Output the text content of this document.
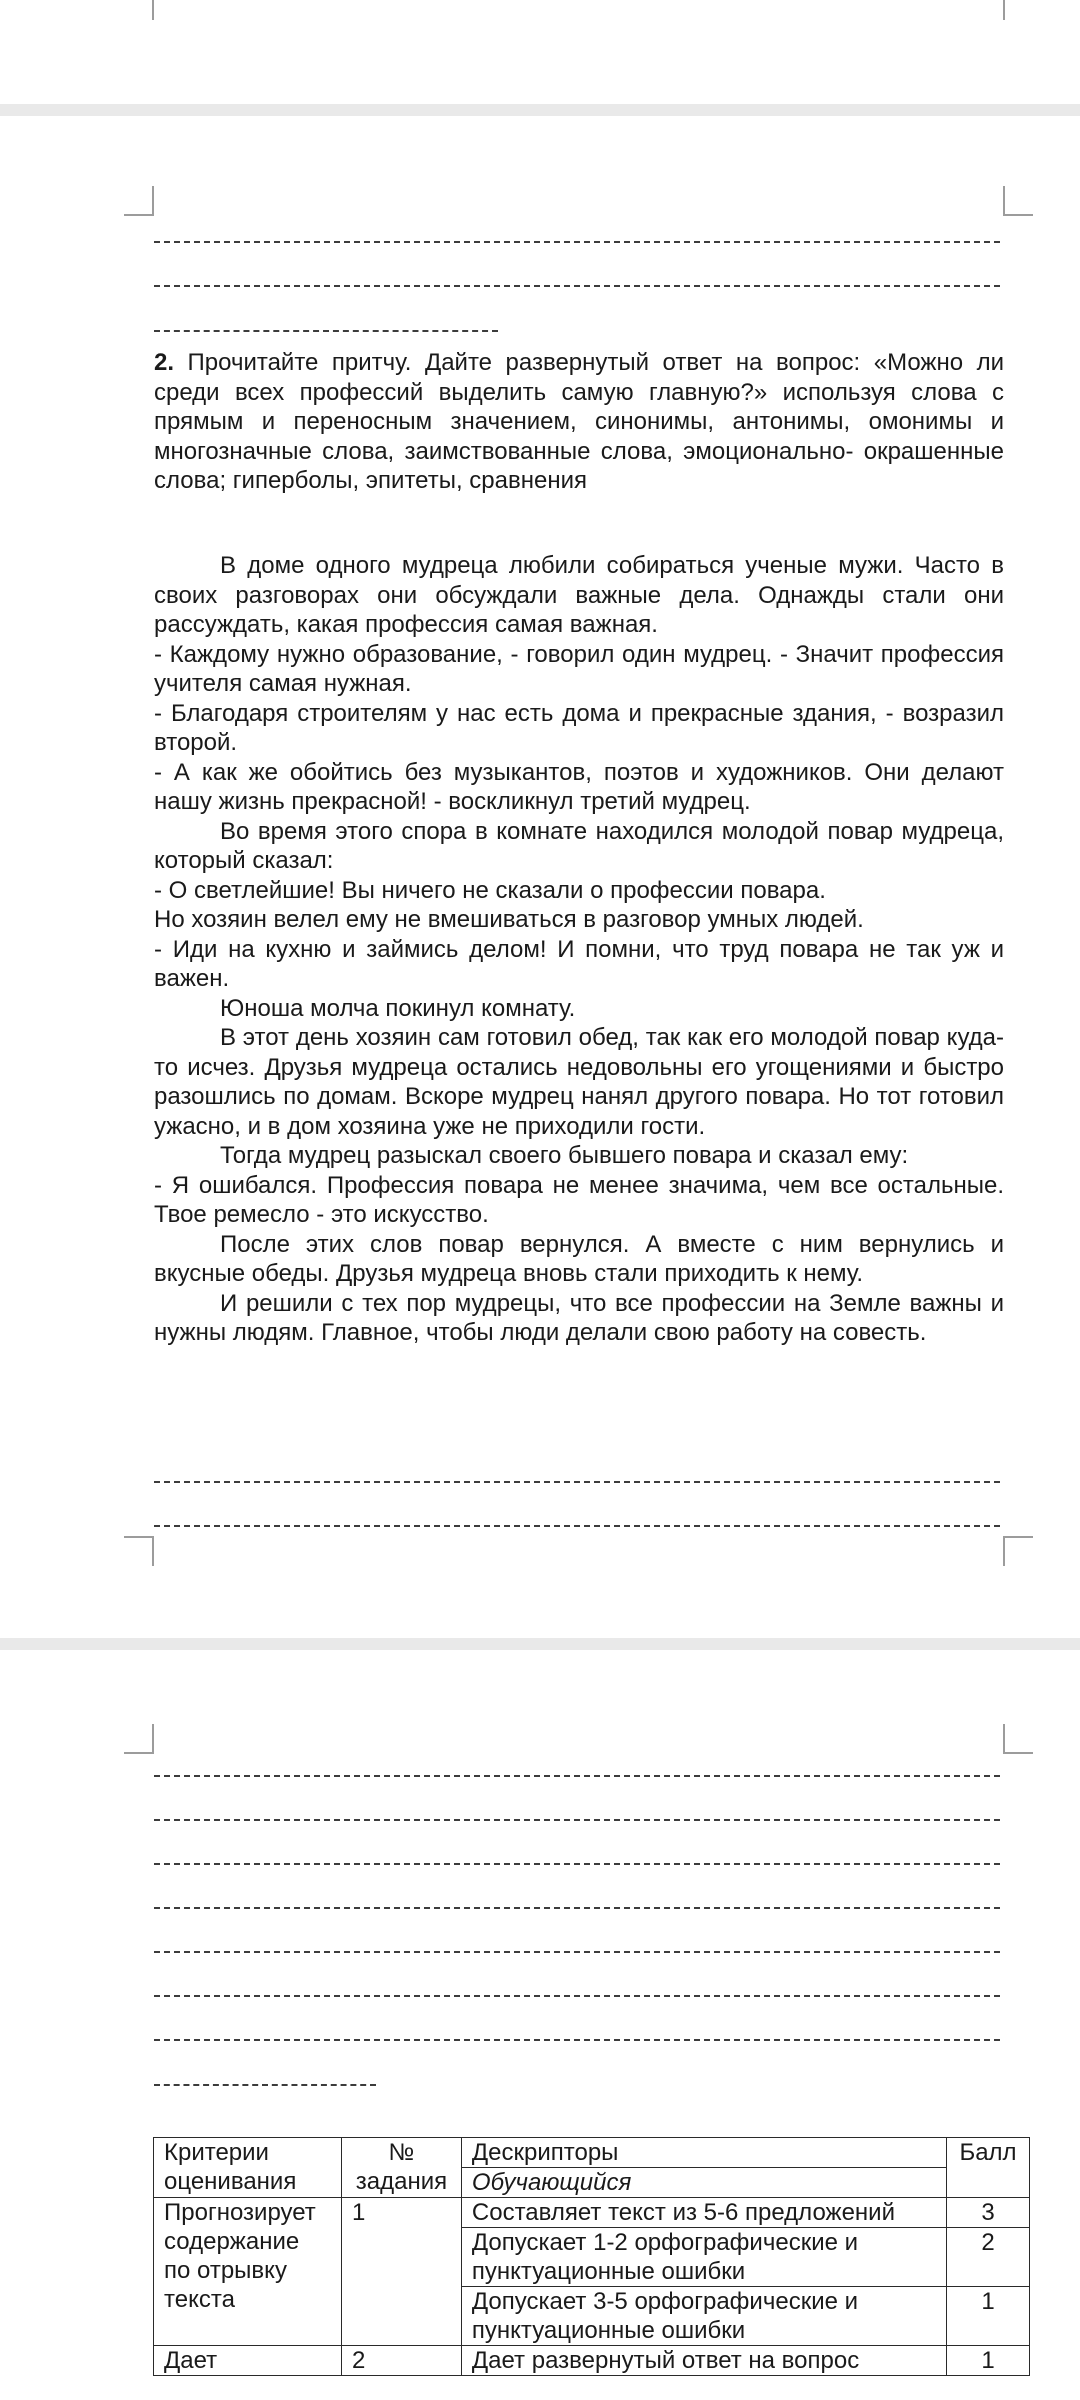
2. Прочитайте притчу. Дайте развернутый ответ на вопрос: «Можно ли среди всех профессий выделить самую главную?» используя слова с прямым и переносным значением, синонимы, антонимы, омонимы и многозначные слова, заимствованные слова, эмоционально- окрашенные слова; гиперболы, эпитеты, сравнения

В доме одного мудреца любили собираться ученые мужи. Часто в своих разговорах они обсуждали важные дела. Однажды стали они рассуждать, какая профессия самая важная.

- Каждому нужно образование, - говорил один мудрец. - Значит профессия учителя самая нужная.

- Благодаря строителям у нас есть дома и прекрасные здания, - возразил второй.

- А как же обойтись без музыкантов, поэтов и художников. Они делают нашу жизнь прекрасной! - воскликнул третий мудрец.

Во время этого спора в комнате находился молодой повар мудреца, который сказал:

- О светлейшие! Вы ничего не сказали о профессии повара.

Но хозяин велел ему не вмешиваться в разговор умных людей.

- Иди на кухню и займись делом! И помни, что труд повара не так уж и важен.

Юноша молча покинул комнату.

В этот день хозяин сам готовил обед, так как его молодой повар куда-то исчез. Друзья мудреца остались недовольны его угощениями и быстро разошлись по домам. Вскоре мудрец нанял другого повара. Но тот готовил ужасно, и в дом хозяина уже не приходили гости.

Тогда мудрец разыскал своего бывшего повара и сказал ему:

- Я ошибался. Профессия повара не менее значима, чем все остальные. Твое ремесло - это искусство.

После этих слов повар вернулся. А вместе с ним вернулись и вкусные обеды. Друзья мудреца вновь стали приходить к нему.

И решили с тех пор мудрецы, что все профессии на Земле важны и нужны людям. Главное, чтобы люди делали свою работу на совесть.

Критерии оценивания	№ задания	Дескрипторы	Балл
		Обучающийся	
Прогнозирует содержание по отрывку текста	1	Составляет текст из 5-6 предложений	3
		Допускает 1-2 орфографические и пунктуационные ошибки	2
		Допускает 3-5 орфографические и пунктуационные ошибки	1
Дает	2	Дает развернутый ответ на вопрос	1
